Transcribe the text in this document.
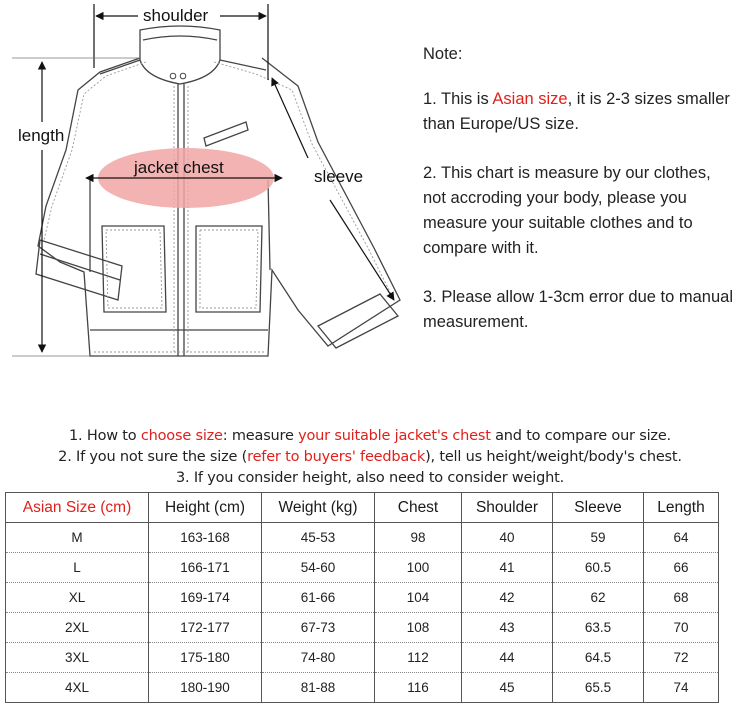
shoulder
length
jacket chest	sleeve
Note:
1. This is Asian size, it is 2-3 sizes smaller than Europe/US size.
2. This chart is measure by our clothes, not accroding your body, please you measure your suitable clothes and to compare with it.
3. Please allow 1-3cm error due to manual measurement.
1. How to choose size: measure your suitable jacket's chest and to compare our size.
2. If you not sure the size (refer to buyers' feedback), tell us height/weight/body's chest.
3. If you consider height, also need to consider weight.
Asian Size (cm)	Height (cm)	Weight (kg)	Chest	Shoulder	Sleeve	Length
M	163-168	45-53	98	40	59	64
L	166-171	54-60	100	41	60.5	66
XL	169-174	61-66	104	42	62	68
2XL	172-177	67-73	108	43	63.5	70
3XL	175-180	74-80	112	44	64.5	72
4XL	180-190	81-88	116	45	65.5	74
